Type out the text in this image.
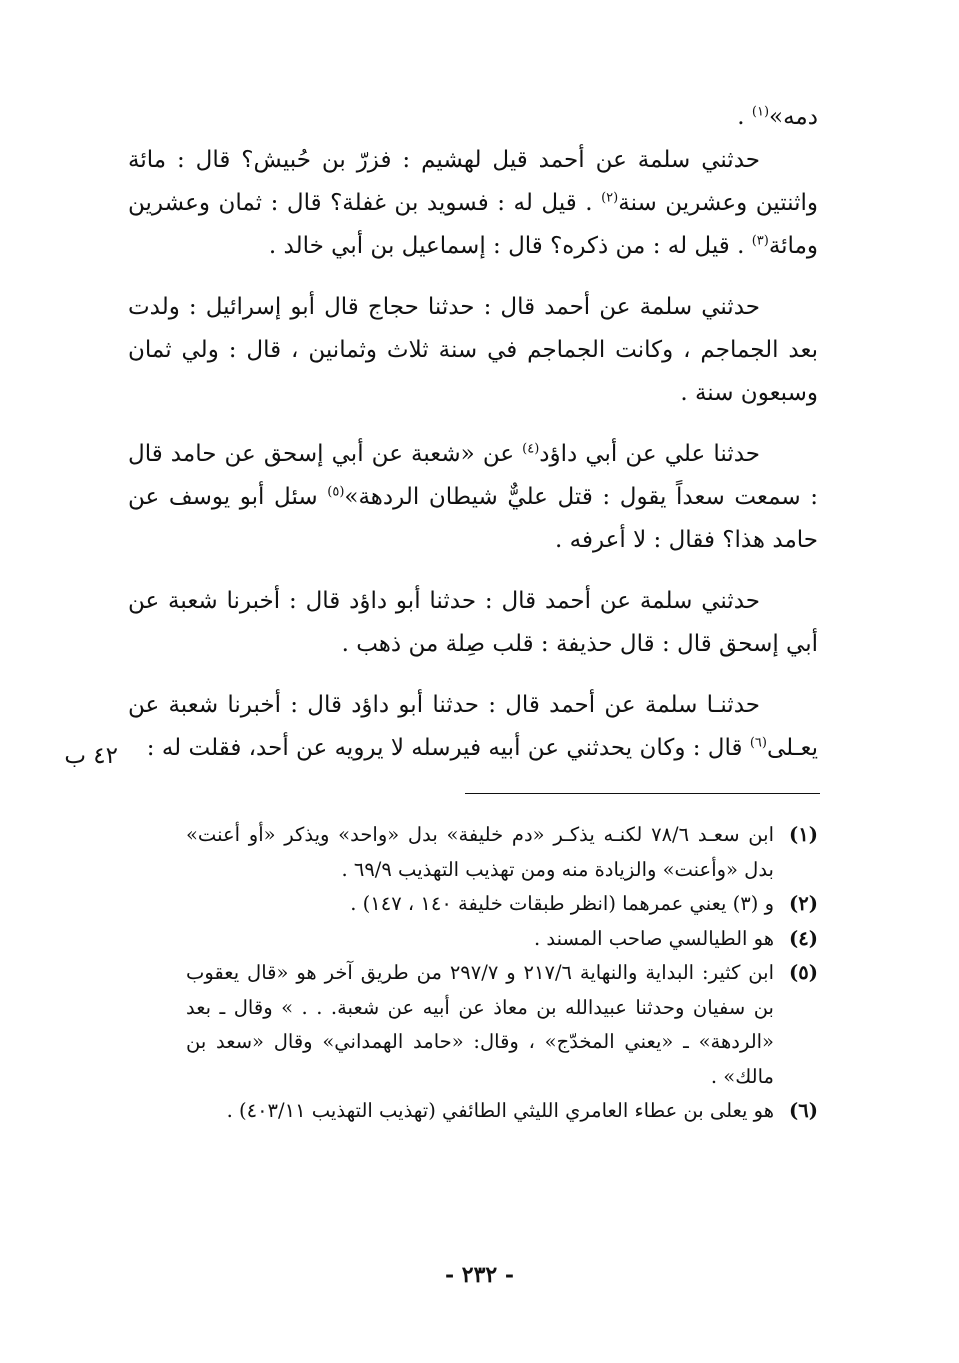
دمه»$^{(١)}$ .

حدثني سلمة عن أحمد قيل لهشيم : فزرّ بن حُبيش؟ قال : مائة واثنتين وعشرين سنة$^{(٢)}$ . قيل له : فسويد بن غفلة؟ قال : ثمان وعشرين ومائة$^{(٣)}$ . قيل له : من ذكره؟ قال : إسماعيل بن أبي خالد .

حدثني سلمة عن أحمد قال : حدثنا حجاج قال أبو إسرائيل : ولدت بعد الجماجم ، وكانت الجماجم في سنة ثلاث وثمانين ، قال : ولي ثمان وسبعون سنة .

حدثنا علي عن أبي داؤد$^{(٤)}$ عن «شعبة عن أبي إسحق عن حامد قال : سمعت سعداً يقول : قتل عليٌّ شيطان الردهة»$^{(٥)}$ سئل أبو يوسف عن حامد هذا؟ فقال : لا أعرفه .

حدثني سلمة عن أحمد قال : حدثنا أبو داؤد قال : أخبرنا شعبة عن أبي إسحق قال : قال حذيفة : قلب صِلة من ذهب .

حدثنـا سلمة عن أحمد قال : حدثنا أبو داؤد قال : أخبرنا شعبة عن يعـلى$^{(٦)}$ قال : وكان يحدثني عن أبيه فيرسله لا يرويه عن أحد، فقلت له :

٤٢ ب
(١)
ابن سعـد ٧٨/٦ لكنـه يذكـر «دم خليفة» بدل «واحد» ويذكر «أو أعنت» بدل «وأعنت» والزيادة منه ومن تهذيب التهذيب ٦٩/٩ .
(٢)
و (٣) يعني عمرهما (انظر طبقات خليفة ١٤٠ ، ١٤٧) .
(٤)
هو الطيالسي صاحب المسند .
(٥)
ابن كثير: البداية والنهاية ٢١٧/٦ و ٢٩٧/٧ من طريق آخر هو «قال يعقوب بن سفيان وحدثنا عبيدالله بن معاذ عن أبيه عن شعبة. . . » وقال ـ بعد «الردهة» ـ «يعني المخدّج» ، وقال: «حامد الهمداني» وقال «سعد بن مالك» .
(٦)
هو يعلى بن عطاء العامري الليثي الطائفي (تهذيب التهذيب ٤٠٣/١١) .
- ٢٣٢ -
